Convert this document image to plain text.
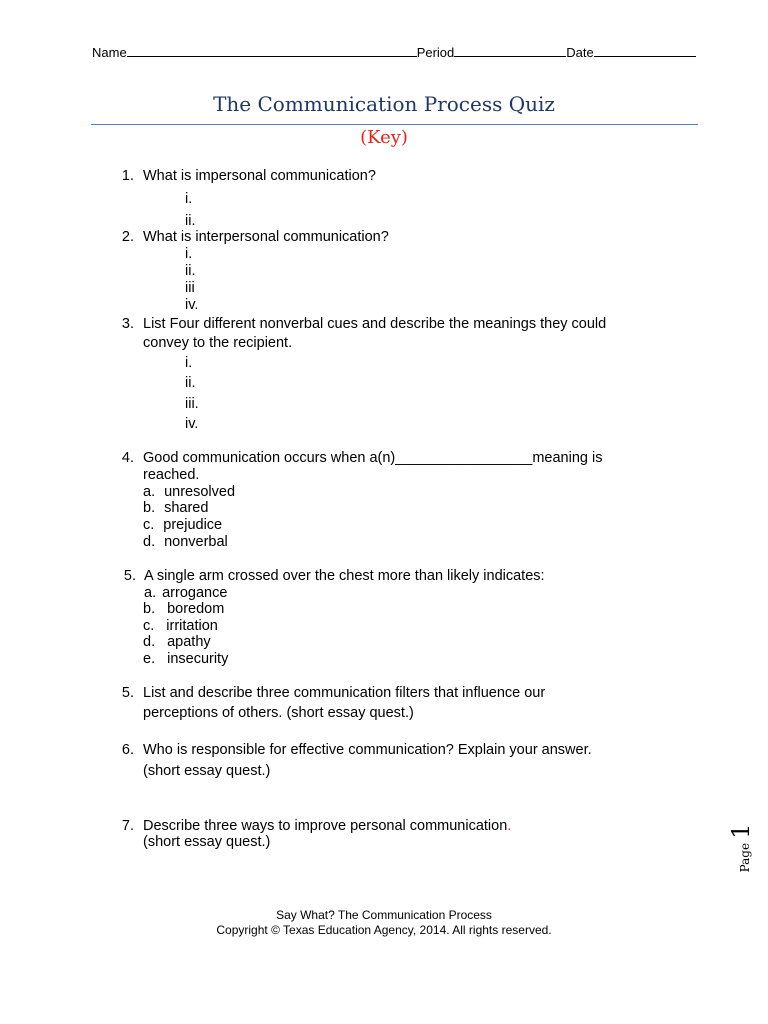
Name	Period	Date
The Communication Process Quiz
(Key)
1. What is impersonal communication?
i.
ii.
2. What is interpersonal communication?
i.
ii.
iii
iv.
3. List Four different nonverbal cues and describe the meanings they could
convey to the recipient.
i.
ii.
iii.
iv.
4. Good communication occurs when a(n)_________________meaning is
reached.
a. unresolved
b. shared
c. prejudice
d. nonverbal
5. A single arm crossed over the chest more than likely indicates:
a. arrogance
b. boredom
c. irritation
d. apathy
e. insecurity
5. List and describe three communication filters that influence our
perceptions of others. (short essay quest.)
6. Who is responsible for effective communication? Explain your answer.
(short essay quest.)
7. Describe three ways to improve personal communication.
(short essay quest.)
Page1
Say What? The Communication Process
Copyright © Texas Education Agency, 2014. All rights reserved.
